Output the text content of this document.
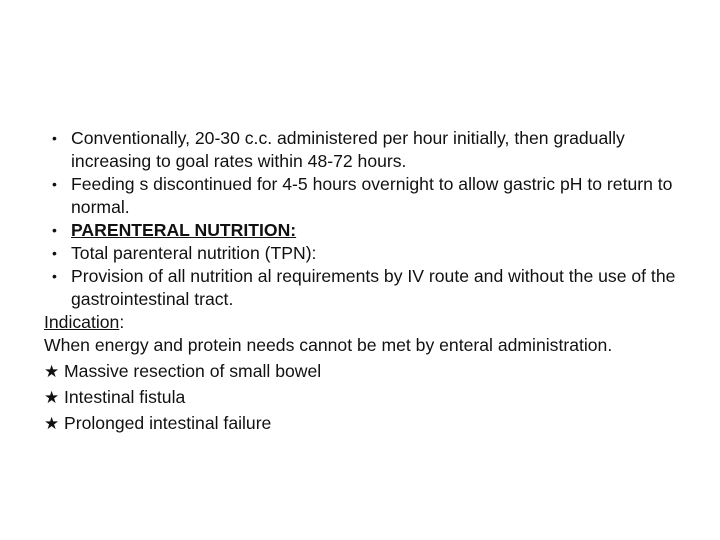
• Conventionally, 20-30 c.c. administered per hour initially, then gradually increasing to goal rates within 48-72 hours.
• Feeding s discontinued for 4-5 hours overnight to allow gastric pH to return to normal.
• PARENTERAL NUTRITION:
• Total parenteral nutrition (TPN):
• Provision of all nutrition al requirements by IV route and without the use of the gastrointestinal tract.

Indication:

When energy and protein needs cannot be met by enteral administration.

★ Massive resection of small bowel

★ Intestinal fistula

★ Prolonged intestinal failure
